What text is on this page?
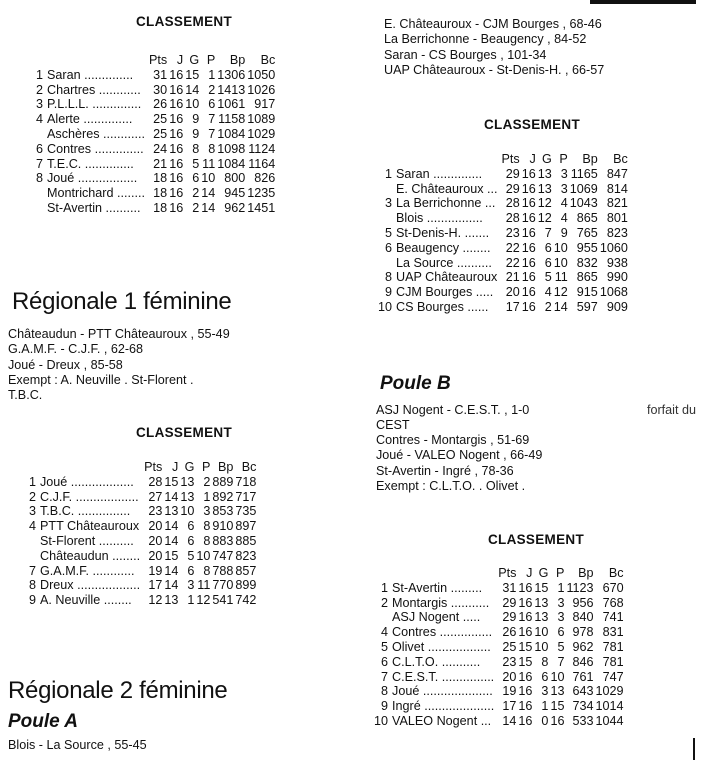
CLASSEMENT
		Pts	J	G	P	Bp	Bc
1	Saran ..............	31	16	15	1	1306	1050
2	Chartres ............	30	16	14	2	1413	1026
3	P.L.L.L. ..............	26	16	10	6	1061	917
4	Alerte ..............	25	16	9	7	1158	1089
	Aschères ............	25	16	9	7	1084	1029
6	Contres ..............	24	16	8	8	1098	1124
7	T.E.C. ..............	21	16	5	11	1084	1164
8	Joué .................	18	16	6	10	800	826
	Montrichard ........	18	16	2	14	945	1235
	St-Avertin ..........	18	16	2	14	962	1451
Régionale 1 féminine
Châteaudun - PTT Châteauroux , 55-49
G.A.M.F. - C.J.F. , 62-68
Joué - Dreux , 85-58
Exempt : A. Neuville . St-Florent .
T.B.C.
CLASSEMENT
		Pts	J	G	P	Bp	Bc
1	Joué ..................	28	15	13	2	889	718
2	C.J.F. ..................	27	14	13	1	892	717
3	T.B.C. ...............	23	13	10	3	853	735
4	PTT Châteauroux	20	14	6	8	910	897
	St-Florent ..........	20	14	6	8	883	885
	Châteaudun ........	20	15	5	10	747	823
7	G.A.M.F. ............	19	14	6	8	788	857
8	Dreux ..................	17	14	3	11	770	899
9	A. Neuville ........	12	13	1	12	541	742
Régionale 2 féminine
Poule A
Blois - La Source , 55-45
E. Châteauroux - CJM Bourges , 68-46
La Berrichonne - Beaugency , 84-52
Saran - CS Bourges , 101-34
UAP Châteauroux - St-Denis-H. , 66-57
CLASSEMENT
		Pts	J	G	P	Bp	Bc
1	Saran ..............	29	16	13	3	1165	847
	E. Châteauroux ...	29	16	13	3	1069	814
3	La Berrichonne ...	28	16	12	4	1043	821
	Blois ................	28	16	12	4	865	801
5	St-Denis-H. .......	23	16	7	9	765	823
6	Beaugency ........	22	16	6	10	955	1060
	La Source ..........	22	16	6	10	832	938
8	UAP Châteauroux	21	16	5	11	865	990
9	CJM Bourges .....	20	16	4	12	915	1068
10	CS Bourges ......	17	16	2	14	597	909
Poule B
ASJ Nogent - C.E.S.T. , 1-0	forfait du
CEST
Contres - Montargis , 51-69
Joué - VALEO Nogent , 66-49
St-Avertin - Ingré , 78-36
Exempt : C.L.T.O. . Olivet .
CLASSEMENT
		Pts	J	G	P	Bp	Bc
1	St-Avertin .........	31	16	15	1	1123	670
2	Montargis ...........	29	16	13	3	956	768
	ASJ Nogent .....	29	16	13	3	840	741
4	Contres ...............	26	16	10	6	978	831
5	Olivet ..................	25	15	10	5	962	781
6	C.L.T.O. ...........	23	15	8	7	846	781
7	C.E.S.T. ...............	20	16	6	10	761	747
8	Joué ....................	19	16	3	13	643	1029
9	Ingré ....................	17	16	1	15	734	1014
10	VALEO Nogent ...	14	16	0	16	533	1044
